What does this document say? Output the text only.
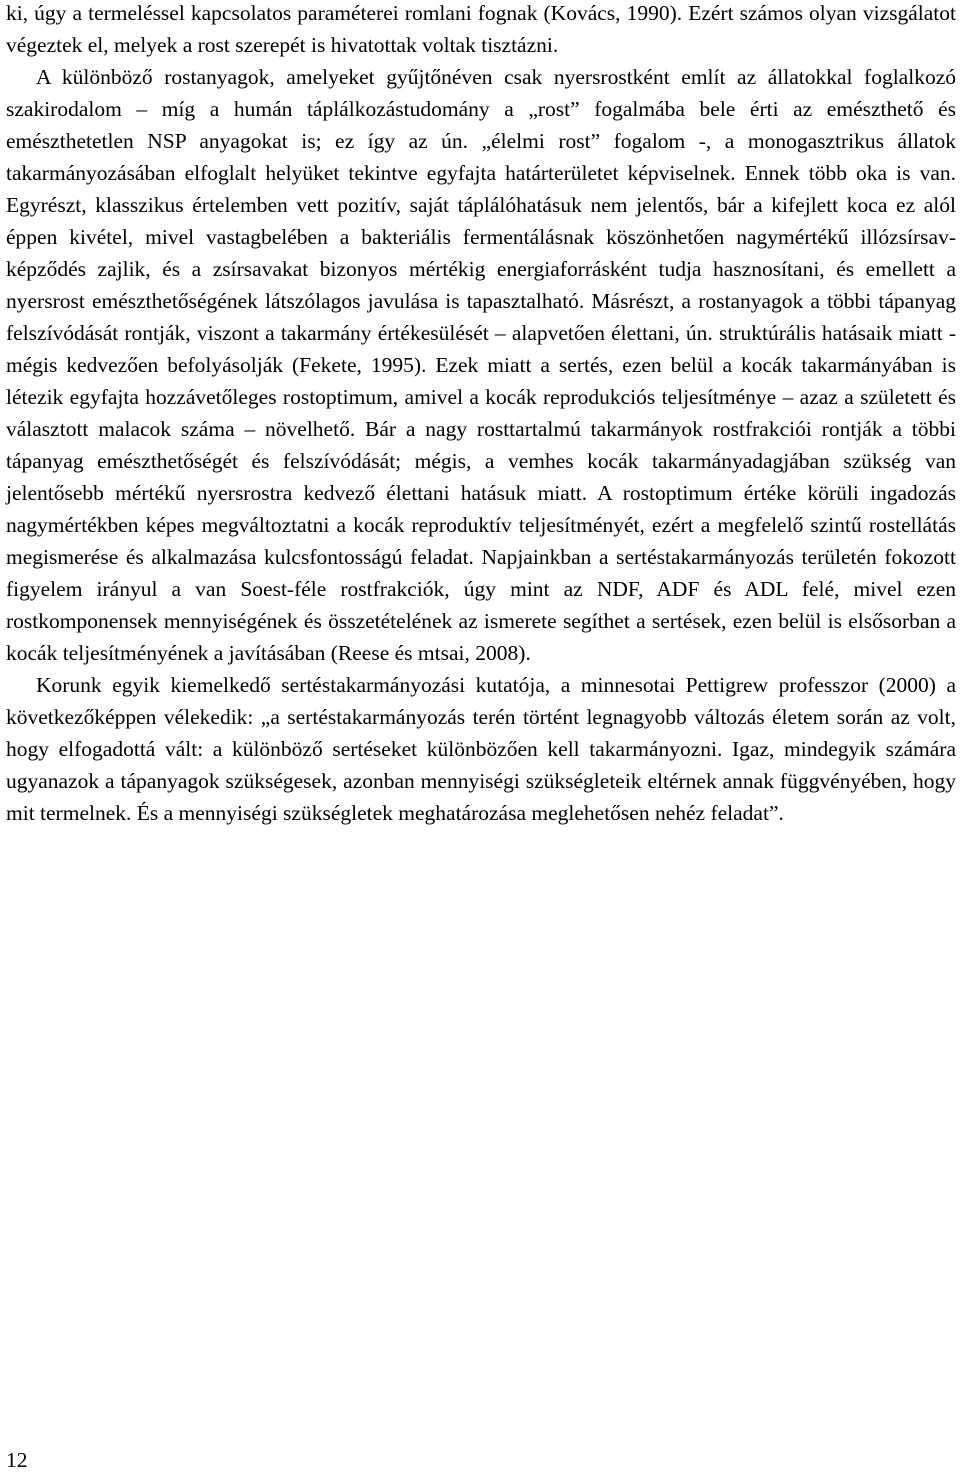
ki, úgy a termeléssel kapcsolatos paraméterei romlani fognak (Kovács, 1990). Ezért számos olyan vizsgálatot végeztek el, melyek a rost szerepét is hivatottak voltak tisztázni.

A különböző rostanyagok, amelyeket gyűjtőnéven csak nyersrostként említ az állatokkal foglalkozó szakirodalom – míg a humán táplálkozástudomány a „rost” fogalmába bele érti az emészthető és emészthetetlen NSP anyagokat is; ez így az ún. „élelmi rost” fogalom -, a monogasztrikus állatok takarmányozásában elfoglalt helyüket tekintve egyfajta határterületet képviselnek. Ennek több oka is van. Egyrészt, klasszikus értelemben vett pozitív, saját táplálóhatásuk nem jelentős, bár a kifejlett koca ez alól éppen kivétel, mivel vastagbelében a bakteriális fermentálásnak köszönhetően nagymértékű illózsírsav-képződés zajlik, és a zsírsavakat bizonyos mértékig energiaforrásként tudja hasznosítani, és emellett a nyersrost emészthetőségének látszólagos javulása is tapasztalható. Másrészt, a rostanyagok a többi tápanyag felszívódását rontják, viszont a takarmány értékesülését – alapvetően élettani, ún. struktúrális hatásaik miatt - mégis kedvezően befolyásolják (Fekete, 1995). Ezek miatt a sertés, ezen belül a kocák takarmányában is létezik egyfajta hozzávetőleges rostoptimum, amivel a kocák reprodukciós teljesítménye – azaz a született és választott malacok száma – növelhető. Bár a nagy rosttartalmú takarmányok rostfrakciói rontják a többi tápanyag emészthetőségét és felszívódását; mégis, a vemhes kocák takarmányadagjában szükség van jelentősebb mértékű nyersrostra kedvező élettani hatásuk miatt. A rostoptimum értéke körüli ingadozás nagymértékben képes megváltoztatni a kocák reproduktív teljesítményét, ezért a megfelelő szintű rostellátás megismerése és alkalmazása kulcsfontosságú feladat. Napjainkban a sertéstakarmányozás területén fokozott figyelem irányul a van Soest-féle rostfrakciók, úgy mint az NDF, ADF és ADL felé, mivel ezen rostkomponensek mennyiségének és összetételének az ismerete segíthet a sertések, ezen belül is elsősorban a kocák teljesítményének a javításában (Reese és mtsai, 2008).

Korunk egyik kiemelkedő sertéstakarmányozási kutatója, a minnesotai Pettigrew professzor (2000) a következőképpen vélekedik: „a sertéstakarmányozás terén történt legnagyobb változás életem során az volt, hogy elfogadottá vált: a különböző sertéseket különbözően kell takarmányozni. Igaz, mindegyik számára ugyanazok a tápanyagok szükségesek, azonban mennyiségi szükségleteik eltérnek annak függvényében, hogy mit termelnek. És a mennyiségi szükségletek meghatározása meglehetősen nehéz feladat”.

12
